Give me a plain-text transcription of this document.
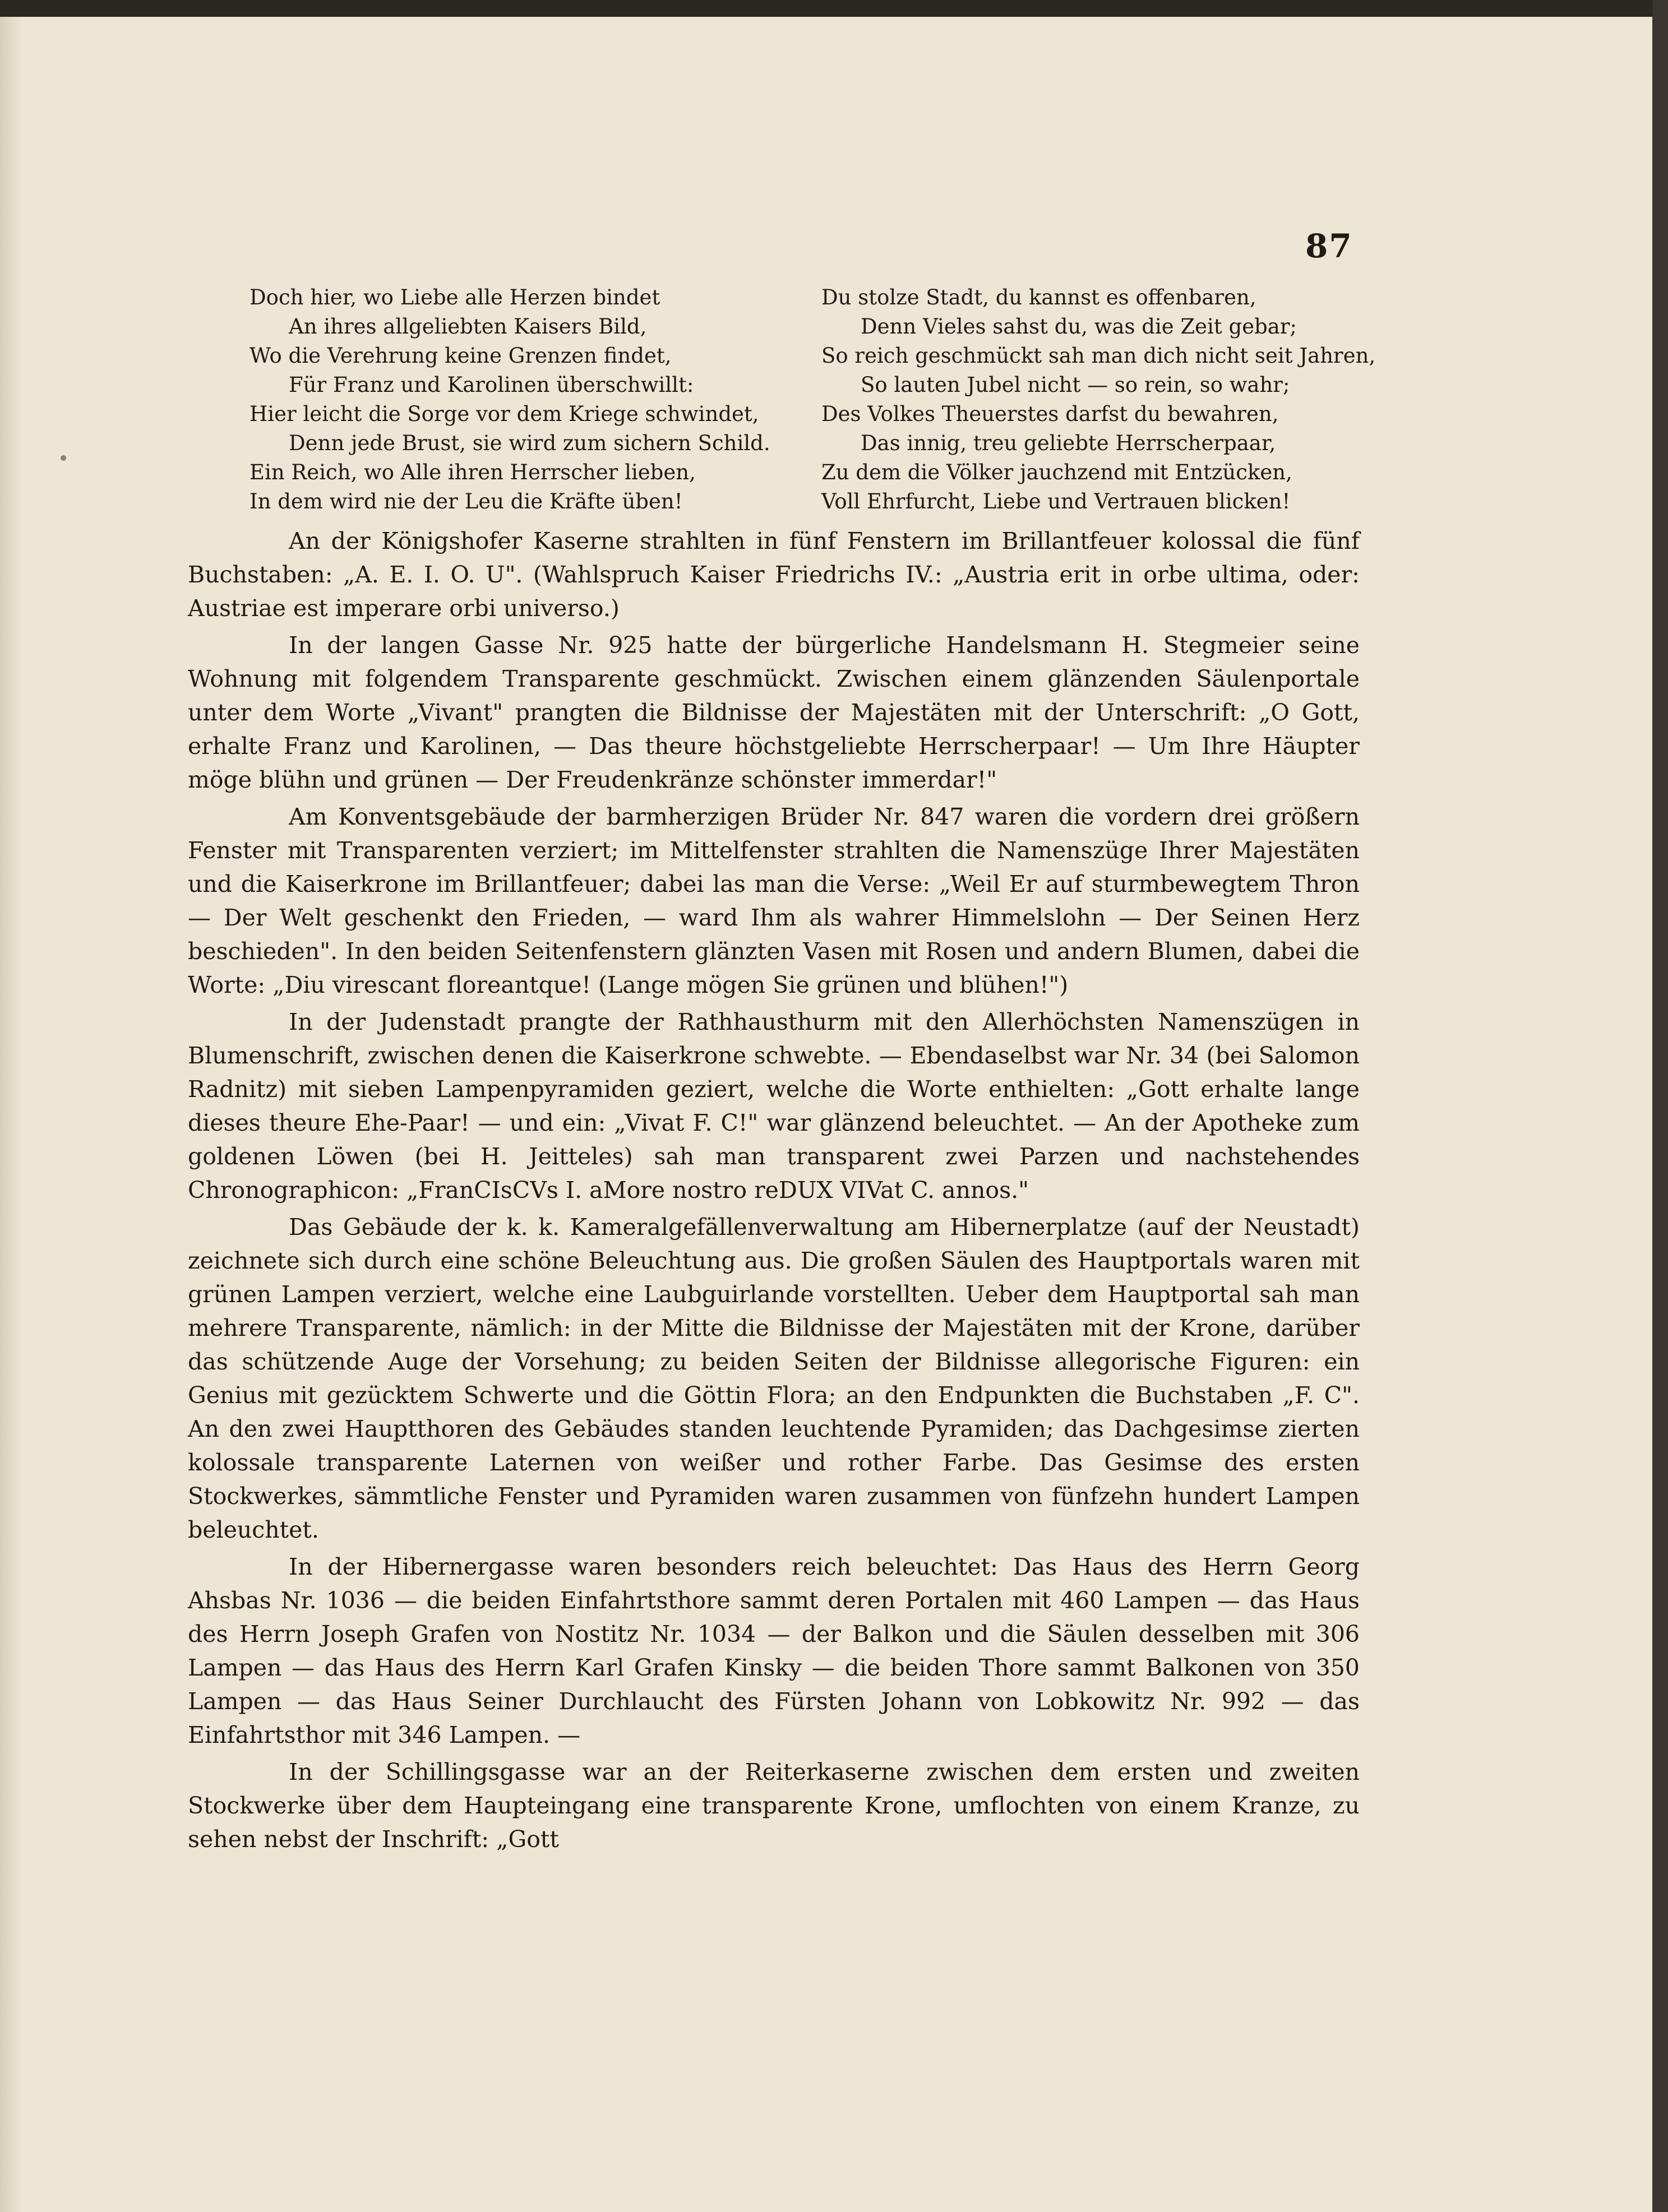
87
Doch hier, wo Liebe alle Herzen bindet
An ihres allgeliebten Kaisers Bild,
Wo die Verehrung keine Grenzen findet,
Für Franz und Karolinen überschwillt:
Hier leicht die Sorge vor dem Kriege schwindet,
Denn jede Brust, sie wird zum sichern Schild.
Ein Reich, wo Alle ihren Herrscher lieben,
In dem wird nie der Leu die Kräfte üben!
Du stolze Stadt, du kannst es offenbaren,
Denn Vieles sahst du, was die Zeit gebar;
So reich geschmückt sah man dich nicht seit Jahren,
So lauten Jubel nicht — so rein, so wahr;
Des Volkes Theuerstes darfst du bewahren,
Das innig, treu geliebte Herrscherpaar,
Zu dem die Völker jauchzend mit Entzücken,
Voll Ehrfurcht, Liebe und Vertrauen blicken!

An der Königshofer Kaserne strahlten in fünf Fenstern im Brillantfeuer kolossal die fünf Buchstaben: „A. E. I. O. U". (Wahlspruch Kaiser Friedrichs IV.: „Austria erit in orbe ultima, oder: Austriae est imperare orbi universo.)

In der langen Gasse Nr. 925 hatte der bürgerliche Handelsmann H. Stegmeier seine Wohnung mit folgendem Transparente geschmückt. Zwischen einem glänzenden Säulenportale unter dem Worte „Vivant" prangten die Bildnisse der Majestäten mit der Unterschrift: „O Gott, erhalte Franz und Karolinen, — Das theure höchstgeliebte Herrscherpaar! — Um Ihre Häupter möge blühn und grünen — Der Freudenkränze schönster immerdar!"

Am Konventsgebäude der barmherzigen Brüder Nr. 847 waren die vordern drei größern Fenster mit Transparenten verziert; im Mittelfenster strahlten die Namenszüge Ihrer Majestäten und die Kaiserkrone im Brillantfeuer; dabei las man die Verse: „Weil Er auf sturmbewegtem Thron — Der Welt geschenkt den Frieden, — ward Ihm als wahrer Himmelslohn — Der Seinen Herz beschieden". In den beiden Seitenfenstern glänzten Vasen mit Rosen und andern Blumen, dabei die Worte: „Diu virescant floreantque! (Lange mögen Sie grünen und blühen!")

In der Judenstadt prangte der Rathhausthurm mit den Allerhöchsten Namenszügen in Blumenschrift, zwischen denen die Kaiserkrone schwebte. — Ebendaselbst war Nr. 34 (bei Salomon Radnitz) mit sieben Lampenpyramiden geziert, welche die Worte enthielten: „Gott erhalte lange dieses theure Ehe-Paar! — und ein: „Vivat F. C!" war glänzend beleuchtet. — An der Apotheke zum goldenen Löwen (bei H. Jeitteles) sah man transparent zwei Parzen und nachstehendes Chronographicon: „FranCIsCVs I. aMore nostro reDUX VIVat C. annos."

Das Gebäude der k. k. Kameralgefällenverwaltung am Hibernerplatze (auf der Neustadt) zeichnete sich durch eine schöne Beleuchtung aus. Die großen Säulen des Hauptportals waren mit grünen Lampen verziert, welche eine Laubguirlande vorstellten. Ueber dem Hauptportal sah man mehrere Transparente, nämlich: in der Mitte die Bildnisse der Majestäten mit der Krone, darüber das schützende Auge der Vorsehung; zu beiden Seiten der Bildnisse allegorische Figuren: ein Genius mit gezücktem Schwerte und die Göttin Flora; an den Endpunkten die Buchstaben „F. C". An den zwei Hauptthoren des Gebäudes standen leuchtende Pyramiden; das Dachgesimse zierten kolossale transparente Laternen von weißer und rother Farbe. Das Gesimse des ersten Stockwerkes, sämmtliche Fenster und Pyramiden waren zusammen von fünfzehn hundert Lampen beleuchtet.

In der Hibernergasse waren besonders reich beleuchtet: Das Haus des Herrn Georg Ahsbas Nr. 1036 — die beiden Einfahrtsthore sammt deren Portalen mit 460 Lampen — das Haus des Herrn Joseph Grafen von Nostitz Nr. 1034 — der Balkon und die Säulen desselben mit 306 Lampen — das Haus des Herrn Karl Grafen Kinsky — die beiden Thore sammt Balkonen von 350 Lampen — das Haus Seiner Durchlaucht des Fürsten Johann von Lobkowitz Nr. 992 — das Einfahrtsthor mit 346 Lampen. —

In der Schillingsgasse war an der Reiterkaserne zwischen dem ersten und zweiten Stockwerke über dem Haupteingang eine transparente Krone, umflochten von einem Kranze, zu sehen nebst der Inschrift: „Gott
